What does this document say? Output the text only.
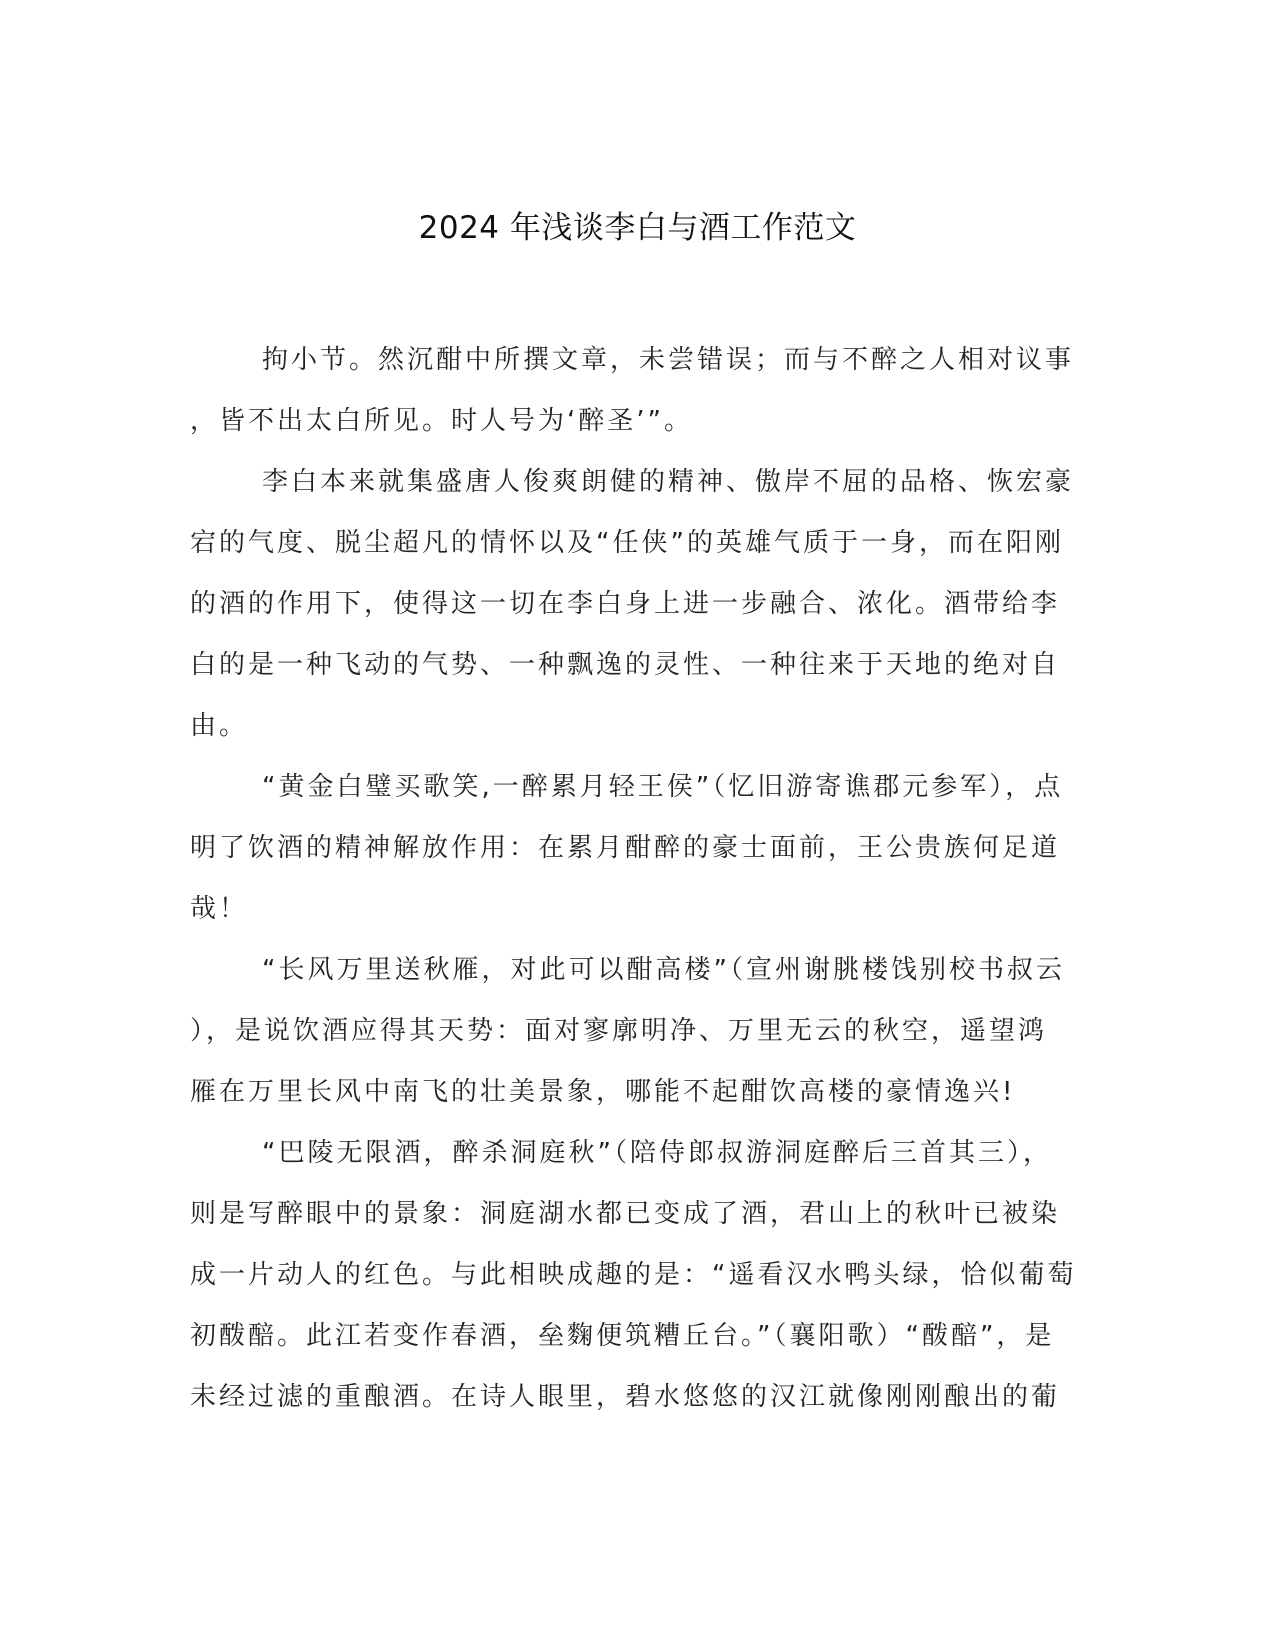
2024 年浅谈李白与酒工作范文
拘小节。然沉酣中所撰文章，未尝错误；而与不醉之人相对议事
，皆不出太白所见。时人号为‘醉圣’”。
李白本来就集盛唐人俊爽朗健的精神、傲岸不屈的品格、恢宏豪
宕的气度、脱尘超凡的情怀以及“任侠”的英雄气质于一身，而在阳刚
的酒的作用下，使得这一切在李白身上进一步融合、浓化。酒带给李
白的是一种飞动的气势、一种飘逸的灵性、一种往来于天地的绝对自
由。
“黄金白璧买歌笑,一醉累月轻王侯”（忆旧游寄谯郡元参军），点
明了饮酒的精神解放作用：在累月酣醉的豪士面前，王公贵族何足道
哉！
“长风万里送秋雁，对此可以酣高楼”（宣州谢朓楼饯别校书叔云
），是说饮酒应得其天势：面对寥廓明净、万里无云的秋空，遥望鸿
雁在万里长风中南飞的壮美景象，哪能不起酣饮高楼的豪情逸兴!
“巴陵无限酒，醉杀洞庭秋”（陪侍郎叔游洞庭醉后三首其三），
则是写醉眼中的景象：洞庭湖水都已变成了酒，君山上的秋叶已被染
成一片动人的红色。与此相映成趣的是：“遥看汉水鸭头绿，恰似葡萄
初酦醅。此江若变作春酒，垒麴便筑糟丘台。”（襄阳歌）“酦醅”，是
未经过滤的重酿酒。在诗人眼里，碧水悠悠的汉江就像刚刚酿出的葡
